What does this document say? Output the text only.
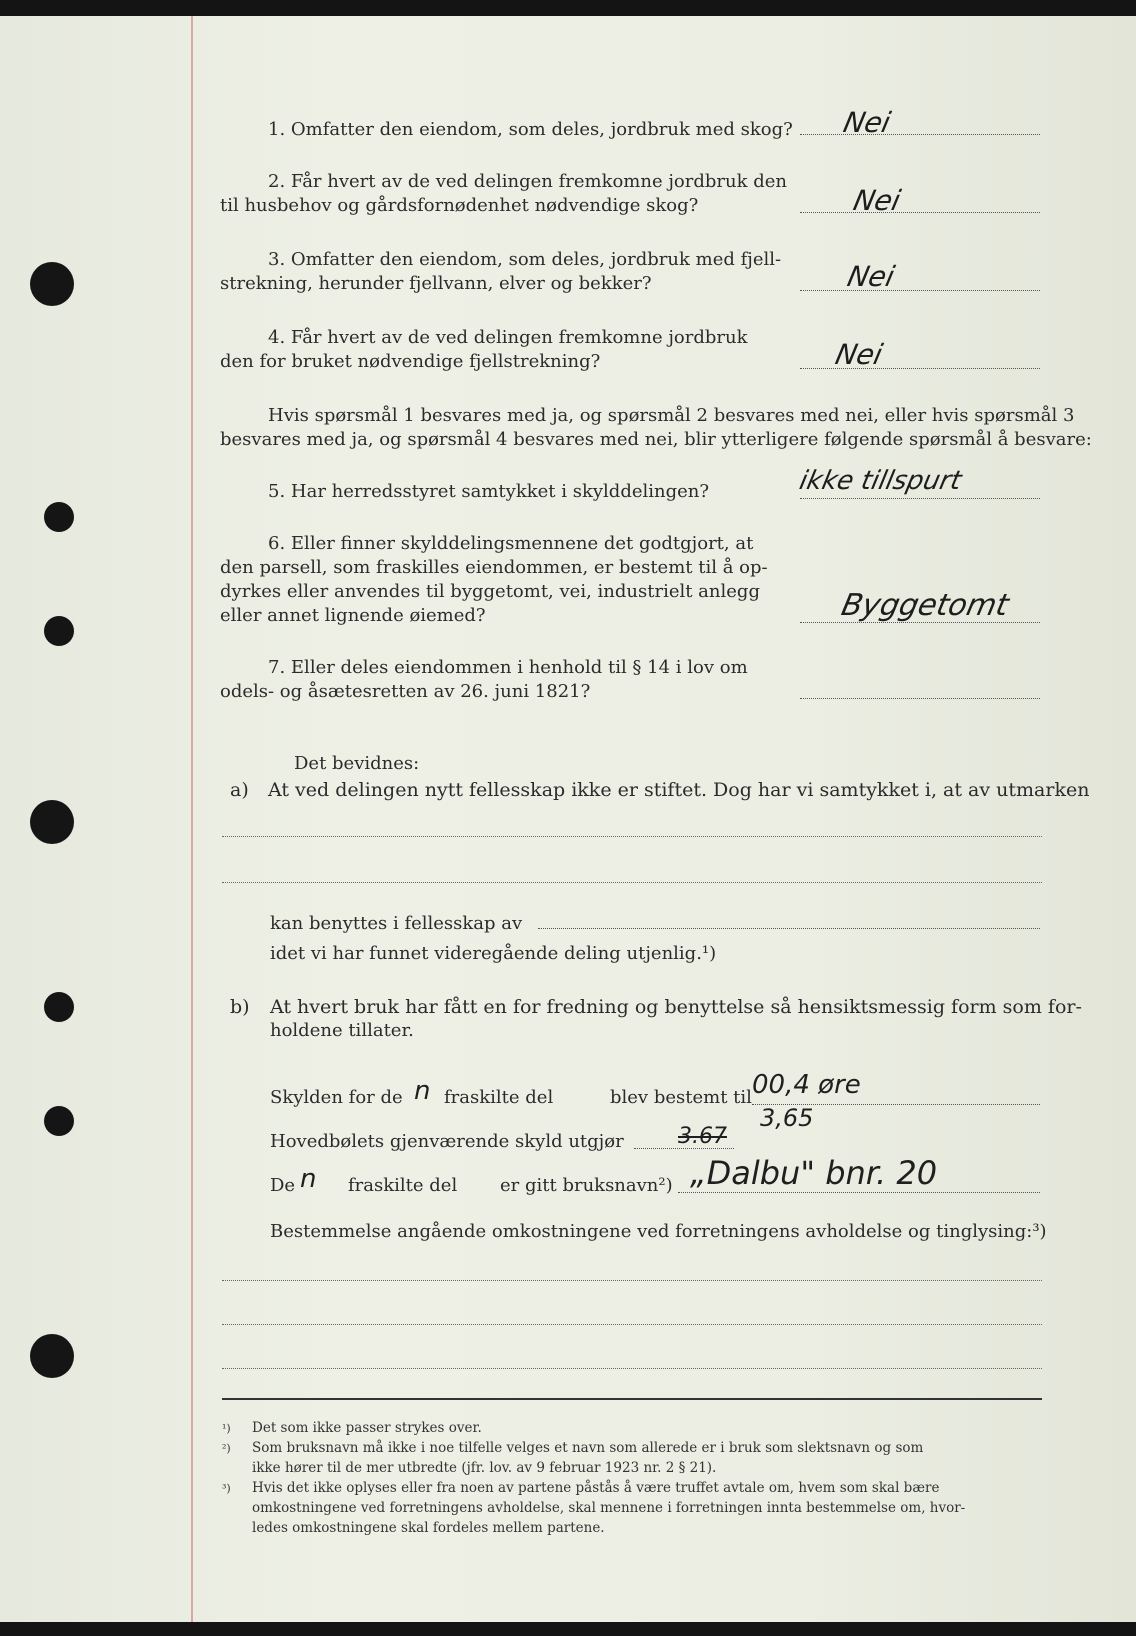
1. Omfatter den eiendom, som deles, jordbruk med skog? Nei
2. Får hvert av de ved delingen fremkomne jordbruk den
til husbehov og gårdsfornødenhet nødvendige skog?	Nei
3. Omfatter den eiendom, som deles, jordbruk med fjell-
strekning, herunder fjellvann, elver og bekker?	Nei
4. Får hvert av de ved delingen fremkomne jordbruk
den for bruket nødvendige fjellstrekning?	Nei
Hvis spørsmål 1 besvares med ja, og spørsmål 2 besvares med nei, eller hvis spørsmål 3
besvares med ja, og spørsmål 4 besvares med nei, blir ytterligere følgende spørsmål å besvare:
5. Har herredsstyret samtykket i skylddelingen?	ikke tillspurt
6. Eller finner skylddelingsmennene det godtgjort, at
den parsell, som fraskilles eiendommen, er bestemt til å op-
dyrkes eller anvendes til byggetomt, vei, industrielt anlegg
eller annet lignende øiemed?	Byggetomt
7. Eller deles eiendommen i henhold til § 14 i lov om
odels- og åsætesretten av 26. juni 1821?
Det bevidnes:
a) At ved delingen nytt fellesskap ikke er stiftet. Dog har vi samtykket i, at av utmarken
kan benyttes i fellesskap av
idet vi har funnet videregående deling utjenlig.¹)
b) At hvert bruk har fått en for fredning og benyttelse så hensiktsmessig form som for-
holdene tillater.
Skylden for de n fraskilte del	blev bestemt til 00,4 øre
Hovedbølets gjenværende skyld utgjør 3.67
3,65
De n fraskilte del er gitt bruksnavn²) „Dalbu" bnr. 20
Bestemmelse angående omkostningene ved forretningens avholdelse og tinglysing:³)
¹) Det som ikke passer strykes over.
²) Som bruksnavn må ikke i noe tilfelle velges et navn som allerede er i bruk som slektsnavn og som
ikke hører til de mer utbredte (jfr. lov. av 9 februar 1923 nr. 2 § 21).
³) Hvis det ikke oplyses eller fra noen av partene påstås å være truffet avtale om, hvem som skal bære
omkostningene ved forretningens avholdelse, skal mennene i forretningen innta bestemmelse om, hvor-
ledes omkostningene skal fordeles mellem partene.
